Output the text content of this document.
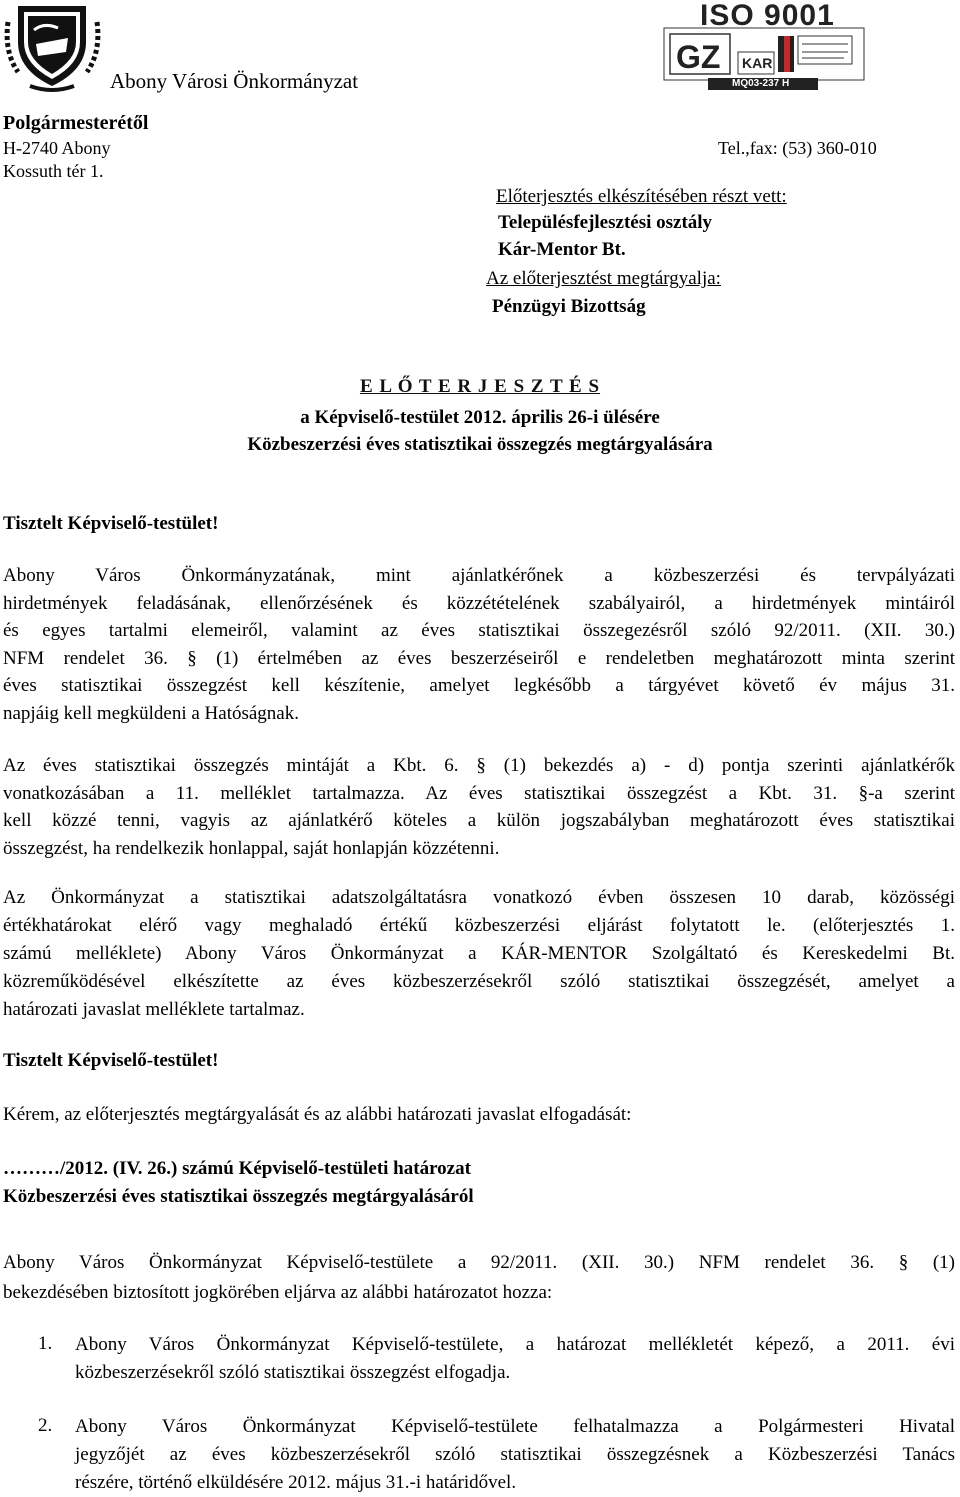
GZ KAR
ISO 9001
MQ03-237 H
Abony Városi Önkormányzat
Polgármesterétől
H-2740 Abony
Kossuth tér 1.
Tel.,fax: (53) 360-010
Előterjesztés elkészítésében részt vett:
Településfejlesztési osztály
Kár-Mentor Bt.
Az előterjesztést megtárgyalja:
Pénzügyi Bizottság
E L Ő T E R J E S Z T É S
a Képviselő-testület 2012. április 26-i ülésére
Közbeszerzési éves statisztikai összegzés megtárgyalására
Tisztelt Képviselő-testület!
Abony Város Önkormányzatának, mint ajánlatkérőnek a közbeszerzési és tervpályázati
hirdetmények feladásának, ellenőrzésének és közzétételének szabályairól, a hirdetmények mintáiról
és egyes tartalmi elemeiről, valamint az éves statisztikai összegezésről szóló 92/2011. (XII. 30.)
NFM rendelet 36. § (1) értelmében az éves beszerzéseiről e rendeletben meghatározott minta szerint
éves statisztikai összegzést kell készítenie, amelyet legkésőbb a tárgyévet követő év május 31.
napjáig kell megküldeni a Hatóságnak.
Az éves statisztikai összegzés mintáját a Kbt. 6. § (1) bekezdés a) - d) pontja szerinti ajánlatkérők
vonatkozásában a 11. melléklet tartalmazza. Az éves statisztikai összegzést a Kbt. 31. §-a szerint
kell közzé tenni, vagyis az ajánlatkérő köteles a külön jogszabályban meghatározott éves statisztikai
összegzést, ha rendelkezik honlappal, saját honlapján közzétenni.
Az Önkormányzat a statisztikai adatszolgáltatásra vonatkozó évben összesen 10 darab, közösségi
értékhatárokat elérő vagy meghaladó értékű közbeszerzési eljárást folytatott le. (előterjesztés 1.
számú melléklete) Abony Város Önkormányzat a KÁR-MENTOR Szolgáltató és Kereskedelmi Bt.
közreműködésével elkészítette az éves közbeszerzésekről szóló statisztikai összegzését, amelyet a
határozati javaslat melléklete tartalmaz.
Tisztelt Képviselő-testület!
Kérem, az előterjesztés megtárgyalását és az alábbi határozati javaslat elfogadását:
………/2012. (IV. 26.) számú Képviselő-testületi határozat
Közbeszerzési éves statisztikai összegzés megtárgyalásáról
Abony Város Önkormányzat Képviselő-testülete a 92/2011. (XII. 30.) NFM rendelet 36. § (1)
bekezdésében biztosított jogkörében eljárva az alábbi határozatot hozza:
1. Abony Város Önkormányzat Képviselő-testülete, a határozat mellékletét képező, a 2011. évi
közbeszerzésekről szóló statisztikai összegzést elfogadja.
2. Abony Város Önkormányzat Képviselő-testülete felhatalmazza a Polgármesteri Hivatal
jegyzőjét az éves közbeszerzésekről szóló statisztikai összegzésnek a Közbeszerzési Tanács
részére, történő elküldésére 2012. május 31.-i határidővel.
